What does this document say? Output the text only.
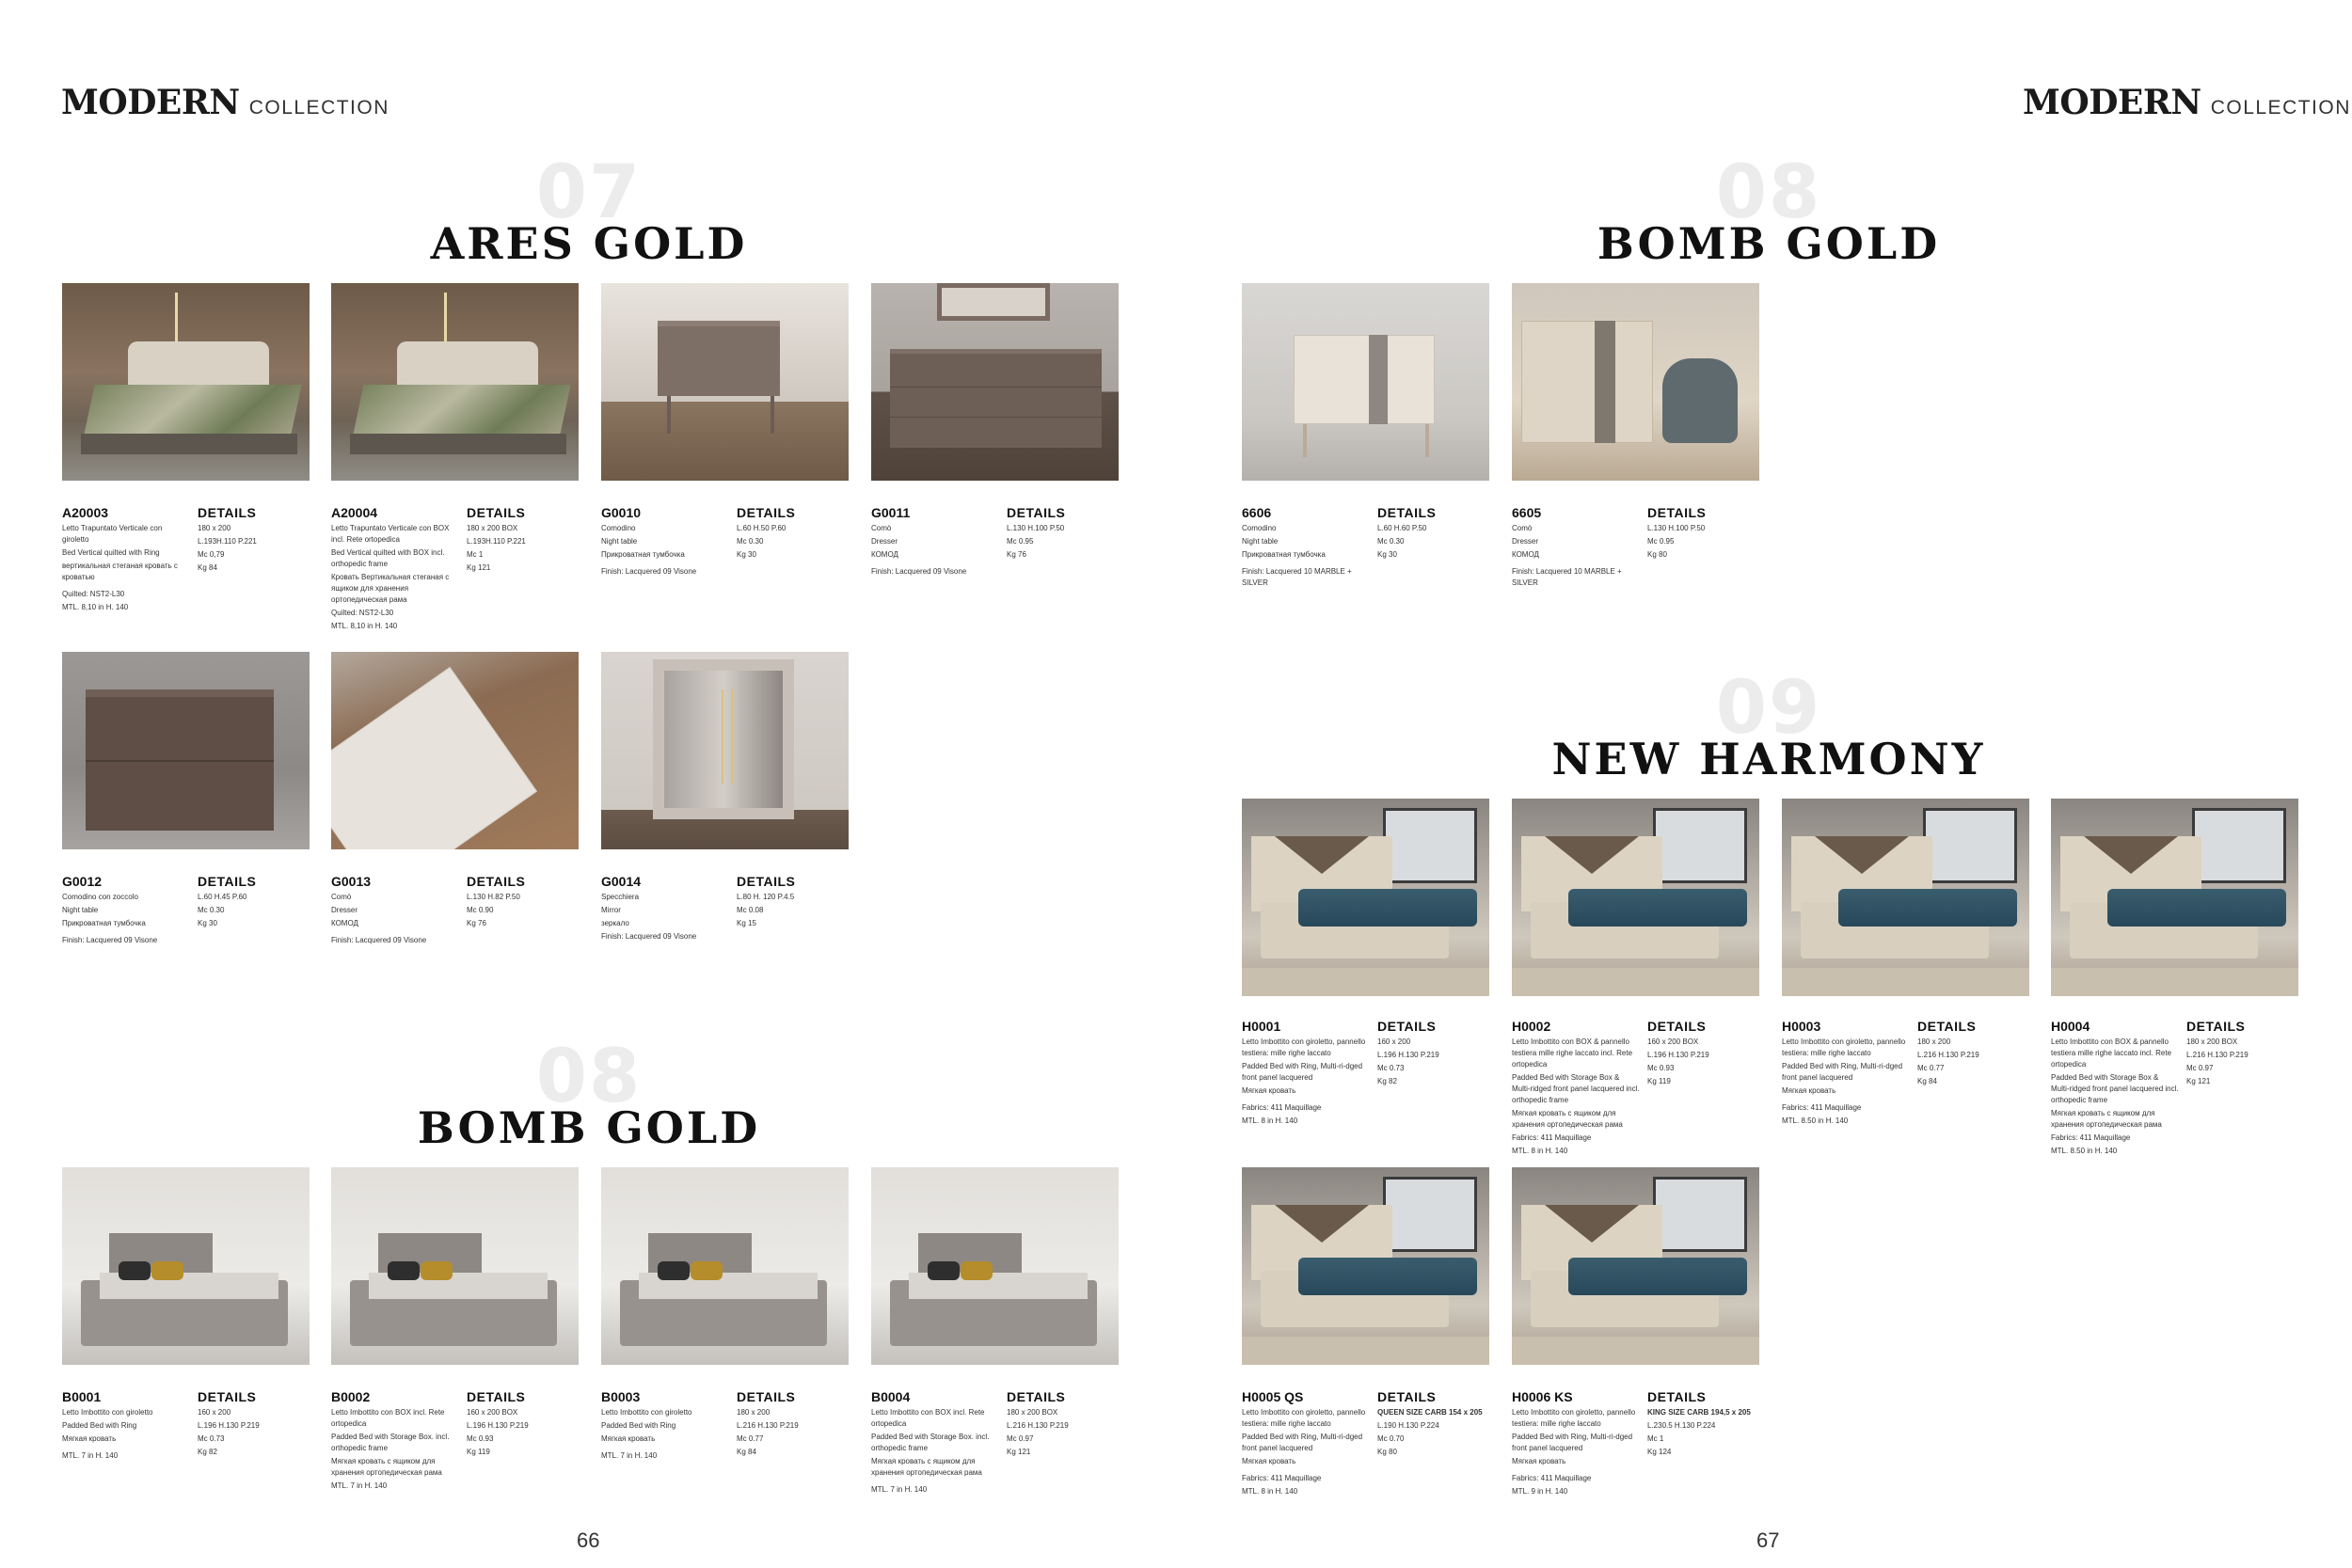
MODERN COLLECTION	MODERN COLLECTION
07
ARES GOLD
08
BOMB GOLD
08
BOMB GOLD
09
NEW HARMONY
A20003
Letto Trapuntato Verticale con giroletto
Bed Vertical quilted with Ring
вертикальная стеганая кровать с кроватью
Quilted: NST2-L30
MTL. 8,10 in H. 140
DETAILS
180 x 200
L.193H.110 P.221
Mc 0,79
Kg 84
A20004
Letto Trapuntato Verticale con BOX incl. Rete ortopedica
Bed Vertical quilted with BOX incl. orthopedic frame
Кровать Вертикальная стеганая с ящиком для хранения ортопедическая рама
Quilted: NST2-L30
MTL. 8,10 in H. 140
DETAILS
180 x 200 BOX
L.193H.110 P.221
Mc 1
Kg 121
G0010
Comodino
Night table
Прикроватная тумбочка
Finish: Lacquered 09 Visone
DETAILS
L.60 H.50 P.60
Mc 0.30
Kg 30
G0011
Comò
Dresser
КОМОД
Finish: Lacquered 09 Visone
DETAILS
L.130 H.100 P.50
Mc 0.95
Kg 76
G0012
Comodino con zoccolo
Night table
Прикроватная тумбочка
Finish: Lacquered 09 Visone
DETAILS
L.60 H.45 P.60
Mc 0.30
Kg 30
G0013
Comò
Dresser
КОМОД
Finish: Lacquered 09 Visone
DETAILS
L.130 H.82 P.50
Mc 0.90
Kg 76
G0014
Specchiera
Mirror
зеркало
Finish: Lacquered 09 Visone
DETAILS
L.80 H. 120 P.4.5
Mc 0.08
Kg 15
B0001
Letto Imbottito con giroletto
Padded Bed with Ring
Мягкая кровать
MTL. 7 in H. 140
DETAILS
160 x 200
L.196 H.130 P.219
Mc 0.73
Kg 82
B0002
Letto Imbottito con BOX incl. Rete ortopedica
Padded Bed with Storage Box. incl. orthopedic frame
Мягкая кровать с ящиком для хранения ортопедическая рама
MTL. 7 in H. 140
DETAILS
160 x 200 BOX
L.196 H.130 P.219
Mc 0.93
Kg 119
B0003
Letto Imbottito con giroletto
Padded Bed with Ring
Мягкая кровать
MTL. 7 in H. 140
DETAILS
180 x 200
L.216 H.130 P.219
Mc 0.77
Kg 84
B0004
Letto Imbottito con BOX incl. Rete ortopedica
Padded Bed with Storage Box. incl. orthopedic frame
Мягкая кровать с ящиком для хранения ортопедическая рама
MTL. 7 in H. 140
DETAILS
180 x 200 BOX
L.216 H.130 P.219
Mc 0.97
Kg 121
6606
Comodino
Night table
Прикроватная тумбочка
Finish: Lacquered 10 MARBLE + SILVER
DETAILS
L.60 H.60 P.50
Mc 0.30
Kg 30
6605
Comò
Dresser
КОМОД
Finish: Lacquered 10 MARBLE + SILVER
DETAILS
L.130 H.100 P.50
Mc 0.95
Kg 80
H0001
Letto Imbottito con giroletto, pannello testiera: mille righe laccato
Padded Bed with Ring, Multi-ri-dged front panel lacquered
Мягкая кровать
Fabrics: 411 Maquillage
MTL. 8 in H. 140
DETAILS
160 x 200
L.196 H.130 P.219
Mc 0.73
Kg 82
H0002
Letto Imbottito con BOX & pannello testiera mille righe laccato incl. Rete ortopedica
Padded Bed with Storage Box & Multi-ridged front panel lacquered incl. orthopedic frame
Мягкая кровать с ящиком для хранения ортопедическая рама
Fabrics: 411 Maquillage
MTL. 8 in H. 140
DETAILS
160 x 200 BOX
L.196 H.130 P.219
Mc 0.93
Kg 119
H0003
Letto Imbottito con giroletto, pannello testiera: mille righe laccato
Padded Bed with Ring, Multi-ri-dged front panel lacquered
Мягкая кровать
Fabrics: 411 Maquillage
MTL. 8.50 in H. 140
DETAILS
180 x 200
L.216 H.130 P.219
Mc 0.77
Kg 84
H0004
Letto Imbottito con BOX & pannello testiera mille righe laccato incl. Rete ortopedica
Padded Bed with Storage Box & Multi-ridged front panel lacquered incl. orthopedic frame
Мягкая кровать с ящиком для хранения ортопедическая рама
Fabrics: 411 Maquillage
MTL. 8.50 in H. 140
DETAILS
180 x 200 BOX
L.216 H.130 P.219
Mc 0.97
Kg 121
H0005 QS
Letto Imbottito con giroletto, pannello testiera: mille righe laccato
Padded Bed with Ring, Multi-ri-dged front panel lacquered
Мягкая кровать
Fabrics: 411 Maquillage
MTL. 8 in H. 140
DETAILS
QUEEN SIZE CARB 154 x 205
L.190 H.130 P.224
Mc 0.70
Kg 80
H0006 KS
Letto Imbottito con giroletto, pannello testiera: mille righe laccato
Padded Bed with Ring, Multi-ri-dged front panel lacquered
Мягкая кровать
Fabrics: 411 Maquillage
MTL. 9 in H. 140
DETAILS
KING SIZE CARB 194,5 x 205
L.230.5 H.130 P.224
Mc 1
Kg 124
66	67
